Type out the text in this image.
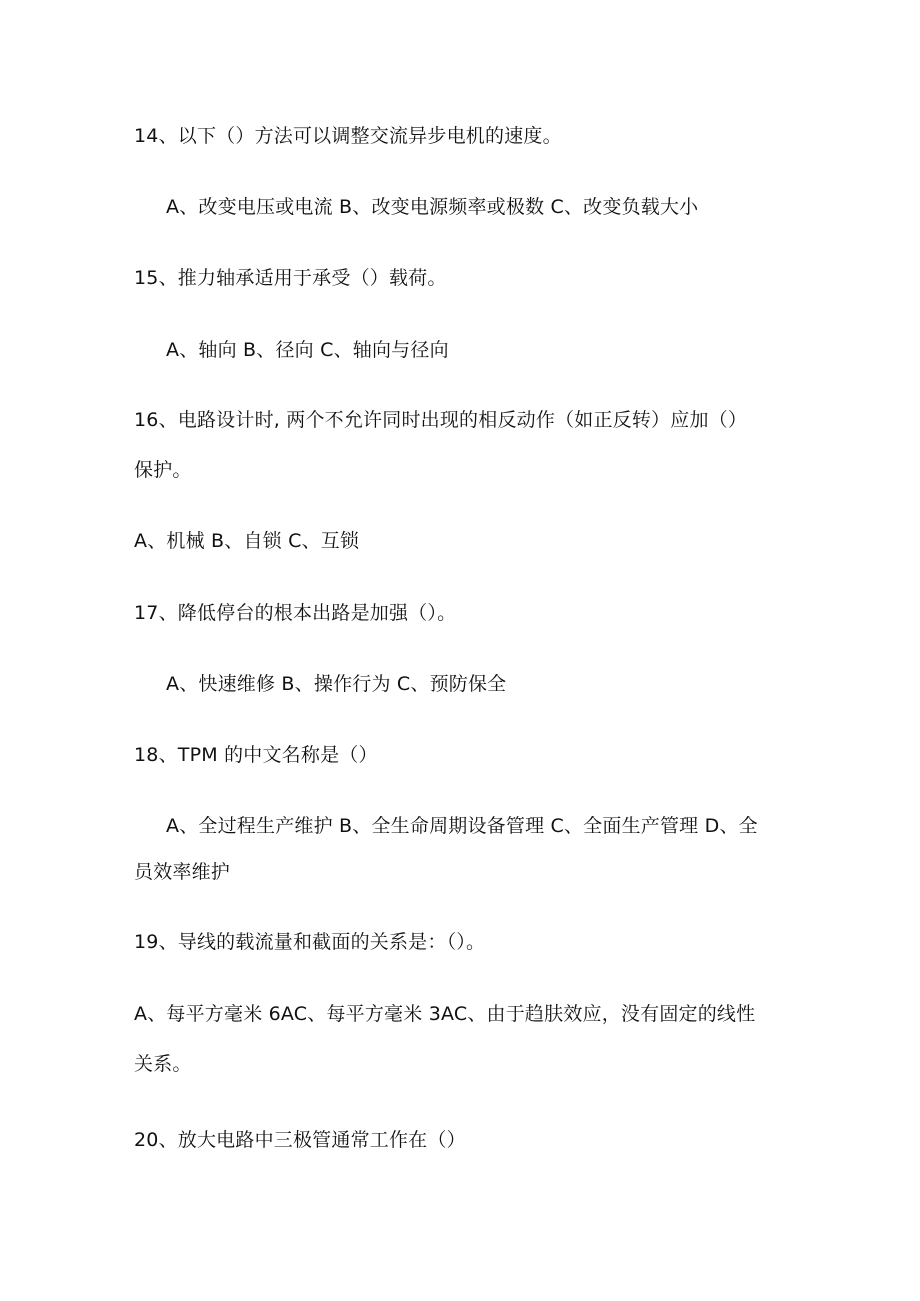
14、以下（）方法可以调整交流异步电机的速度。
A、改变电压或电流 B、改变电源频率或极数 C、改变负载大小
15、推力轴承适用于承受（）载荷。
A、轴向 B、径向 C、轴向与径向
16、电路设计时, 两个不允许同时出现的相反动作（如正反转）应加（）
保护。
A、机械 B、自锁 C、互锁
17、降低停台的根本出路是加强（）。
A、快速维修 B、操作行为 C、预防保全
18、TPM 的中文名称是（）
A、全过程生产维护 B、全生命周期设备管理 C、全面生产管理 D、全
员效率维护
19、导线的载流量和截面的关系是：（）。
A、每平方毫米 6AC、每平方毫米 3AC、由于趋肤效应，没有固定的线性
关系。
20、放大电路中三极管通常工作在（）
